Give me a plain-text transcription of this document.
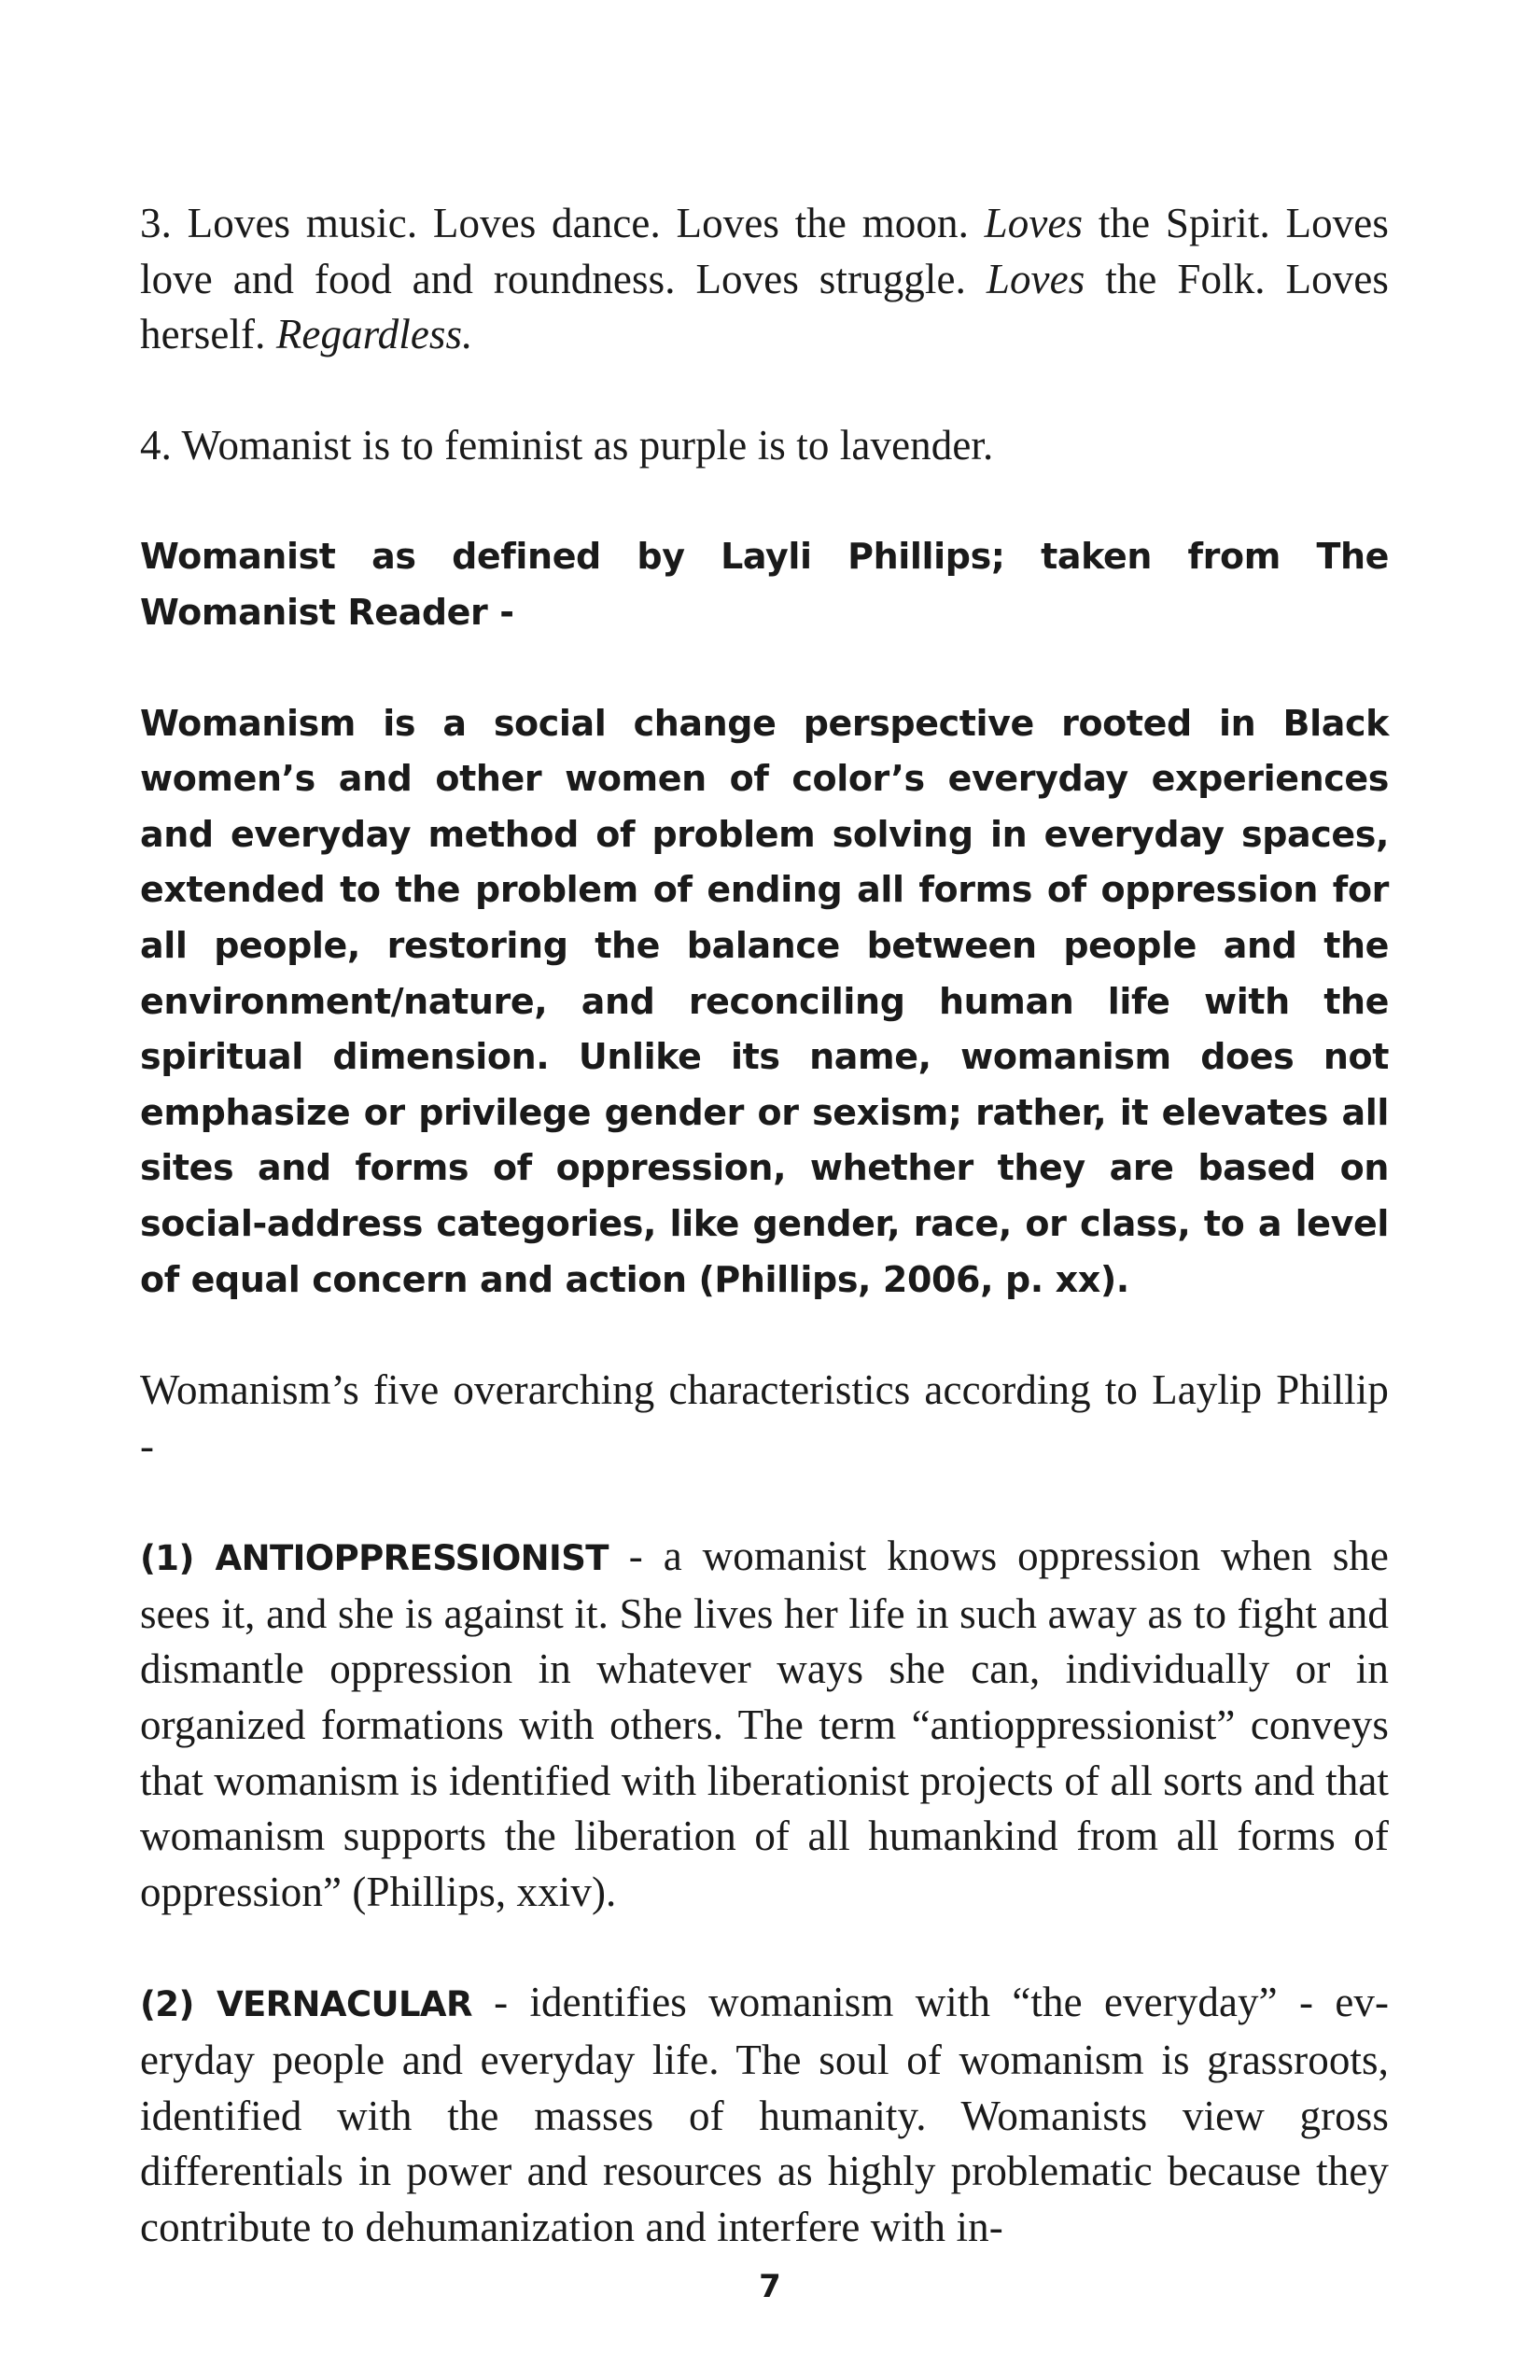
3. Loves music. Loves dance. Loves the moon. Loves the Spirit. Loves love and food and roundness. Loves struggle. Loves the Folk. Loves herself. Regardless.

4. Womanist is to feminist as purple is to lavender.

Womanist as defined by Layli Phillips; taken from The Womanist Reader -

Womanism is a social change perspective rooted in Black women’s and other women of color’s everyday experiences and everyday method of problem solving in everyday spaces, extended to the problem of ending all forms of oppression for all people, restoring the balance between people and the environment/nature, and reconciling human life with the spiritual dimension. Unlike its name, womanism does not emphasize or privilege gender or sexism; rather, it elevates all sites and forms of oppression, whether they are based on social-address categories, like gender, race, or class, to a level of equal concern and action (Phillips, 2006, p. xx).

Womanism’s five overarching characteristics according to Laylip Phillip -

(1) ANTIOPPRESSIONIST - a womanist knows oppression when she sees it, and she is against it. She lives her life in such away as to fight and dismantle oppression in whatever ways she can, individually or in organized formations with others. The term “antioppressionist” conveys that womanism is identified with liberationist projects of all sorts and that womanism supports the liberation of all humankind from all forms of oppression” (Phillips, xxiv).

(2) VERNACULAR - identifies womanism with “the everyday” - everyday people and everyday life. The soul of womanism is grassroots, identified with the masses of humanity. Womanists view gross differentials in power and resources as highly problematic because they contribute to dehumanization and interfere with in-

7
